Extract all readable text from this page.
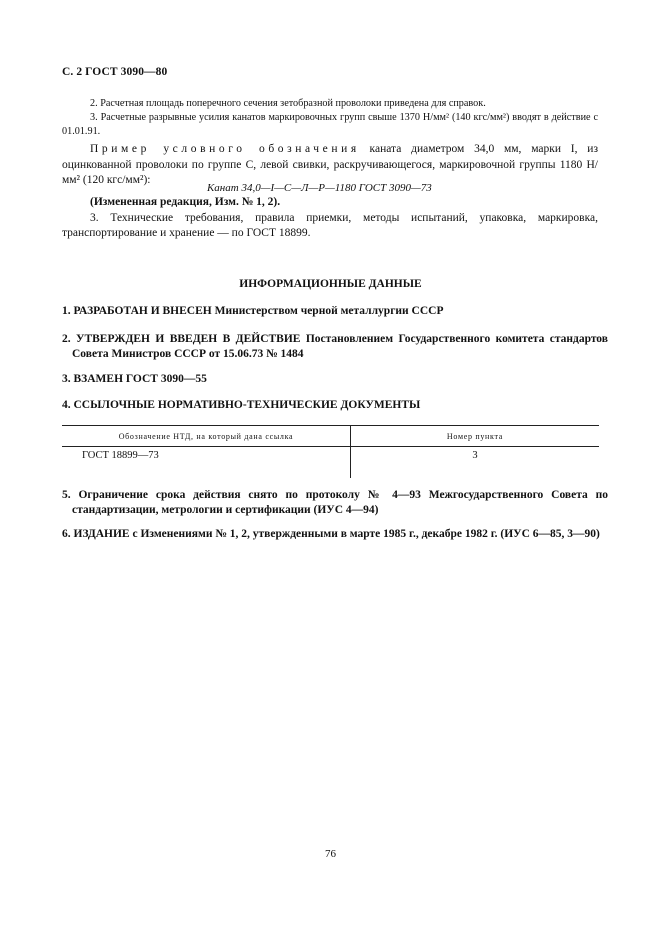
С. 2 ГОСТ 3090—80
2. Расчетная площадь поперечного сечения зетобразной проволоки приведена для справок.
3. Расчетные разрывные усилия канатов маркировочных групп свыше 1370 Н/мм² (140 кгс/мм²) вводят в действие с 01.01.91.
Пример условного обозначения каната диаметром 34,0 мм, марки I, из оцинкованной проволоки по группе С, левой свивки, раскручивающегося, маркировочной группы 1180 Н/мм² (120 кгс/мм²):
Канат 34,0—I—С—Л—Р—1180 ГОСТ 3090—73
(Измененная редакция, Изм. № 1, 2).
3. Технические требования, правила приемки, методы испытаний, упаковка, маркировка, транспортирование и хранение — по ГОСТ 18899.
ИНФОРМАЦИОННЫЕ ДАННЫЕ
1. РАЗРАБОТАН И ВНЕСЕН Министерством черной металлургии СССР
2. УТВЕРЖДЕН И ВВЕДЕН В ДЕЙСТВИЕ Постановлением Государственного комитета стандартов Совета Министров СССР от 15.06.73 № 1484
3. ВЗАМЕН ГОСТ 3090—55
4. ССЫЛОЧНЫЕ НОРМАТИВНО-ТЕХНИЧЕСКИЕ ДОКУМЕНТЫ
Обозначение НТД, на который дана ссылка	Номер пункта
ГОСТ 18899—73	3
5. Ограничение срока действия снято по протоколу № 4—93 Межгосударственного Совета по стандартизации, метрологии и сертификации (ИУС 4—94)
6. ИЗДАНИЕ с Изменениями № 1, 2, утвержденными в марте 1985 г., декабре 1982 г. (ИУС 6—85, 3—90)
76
